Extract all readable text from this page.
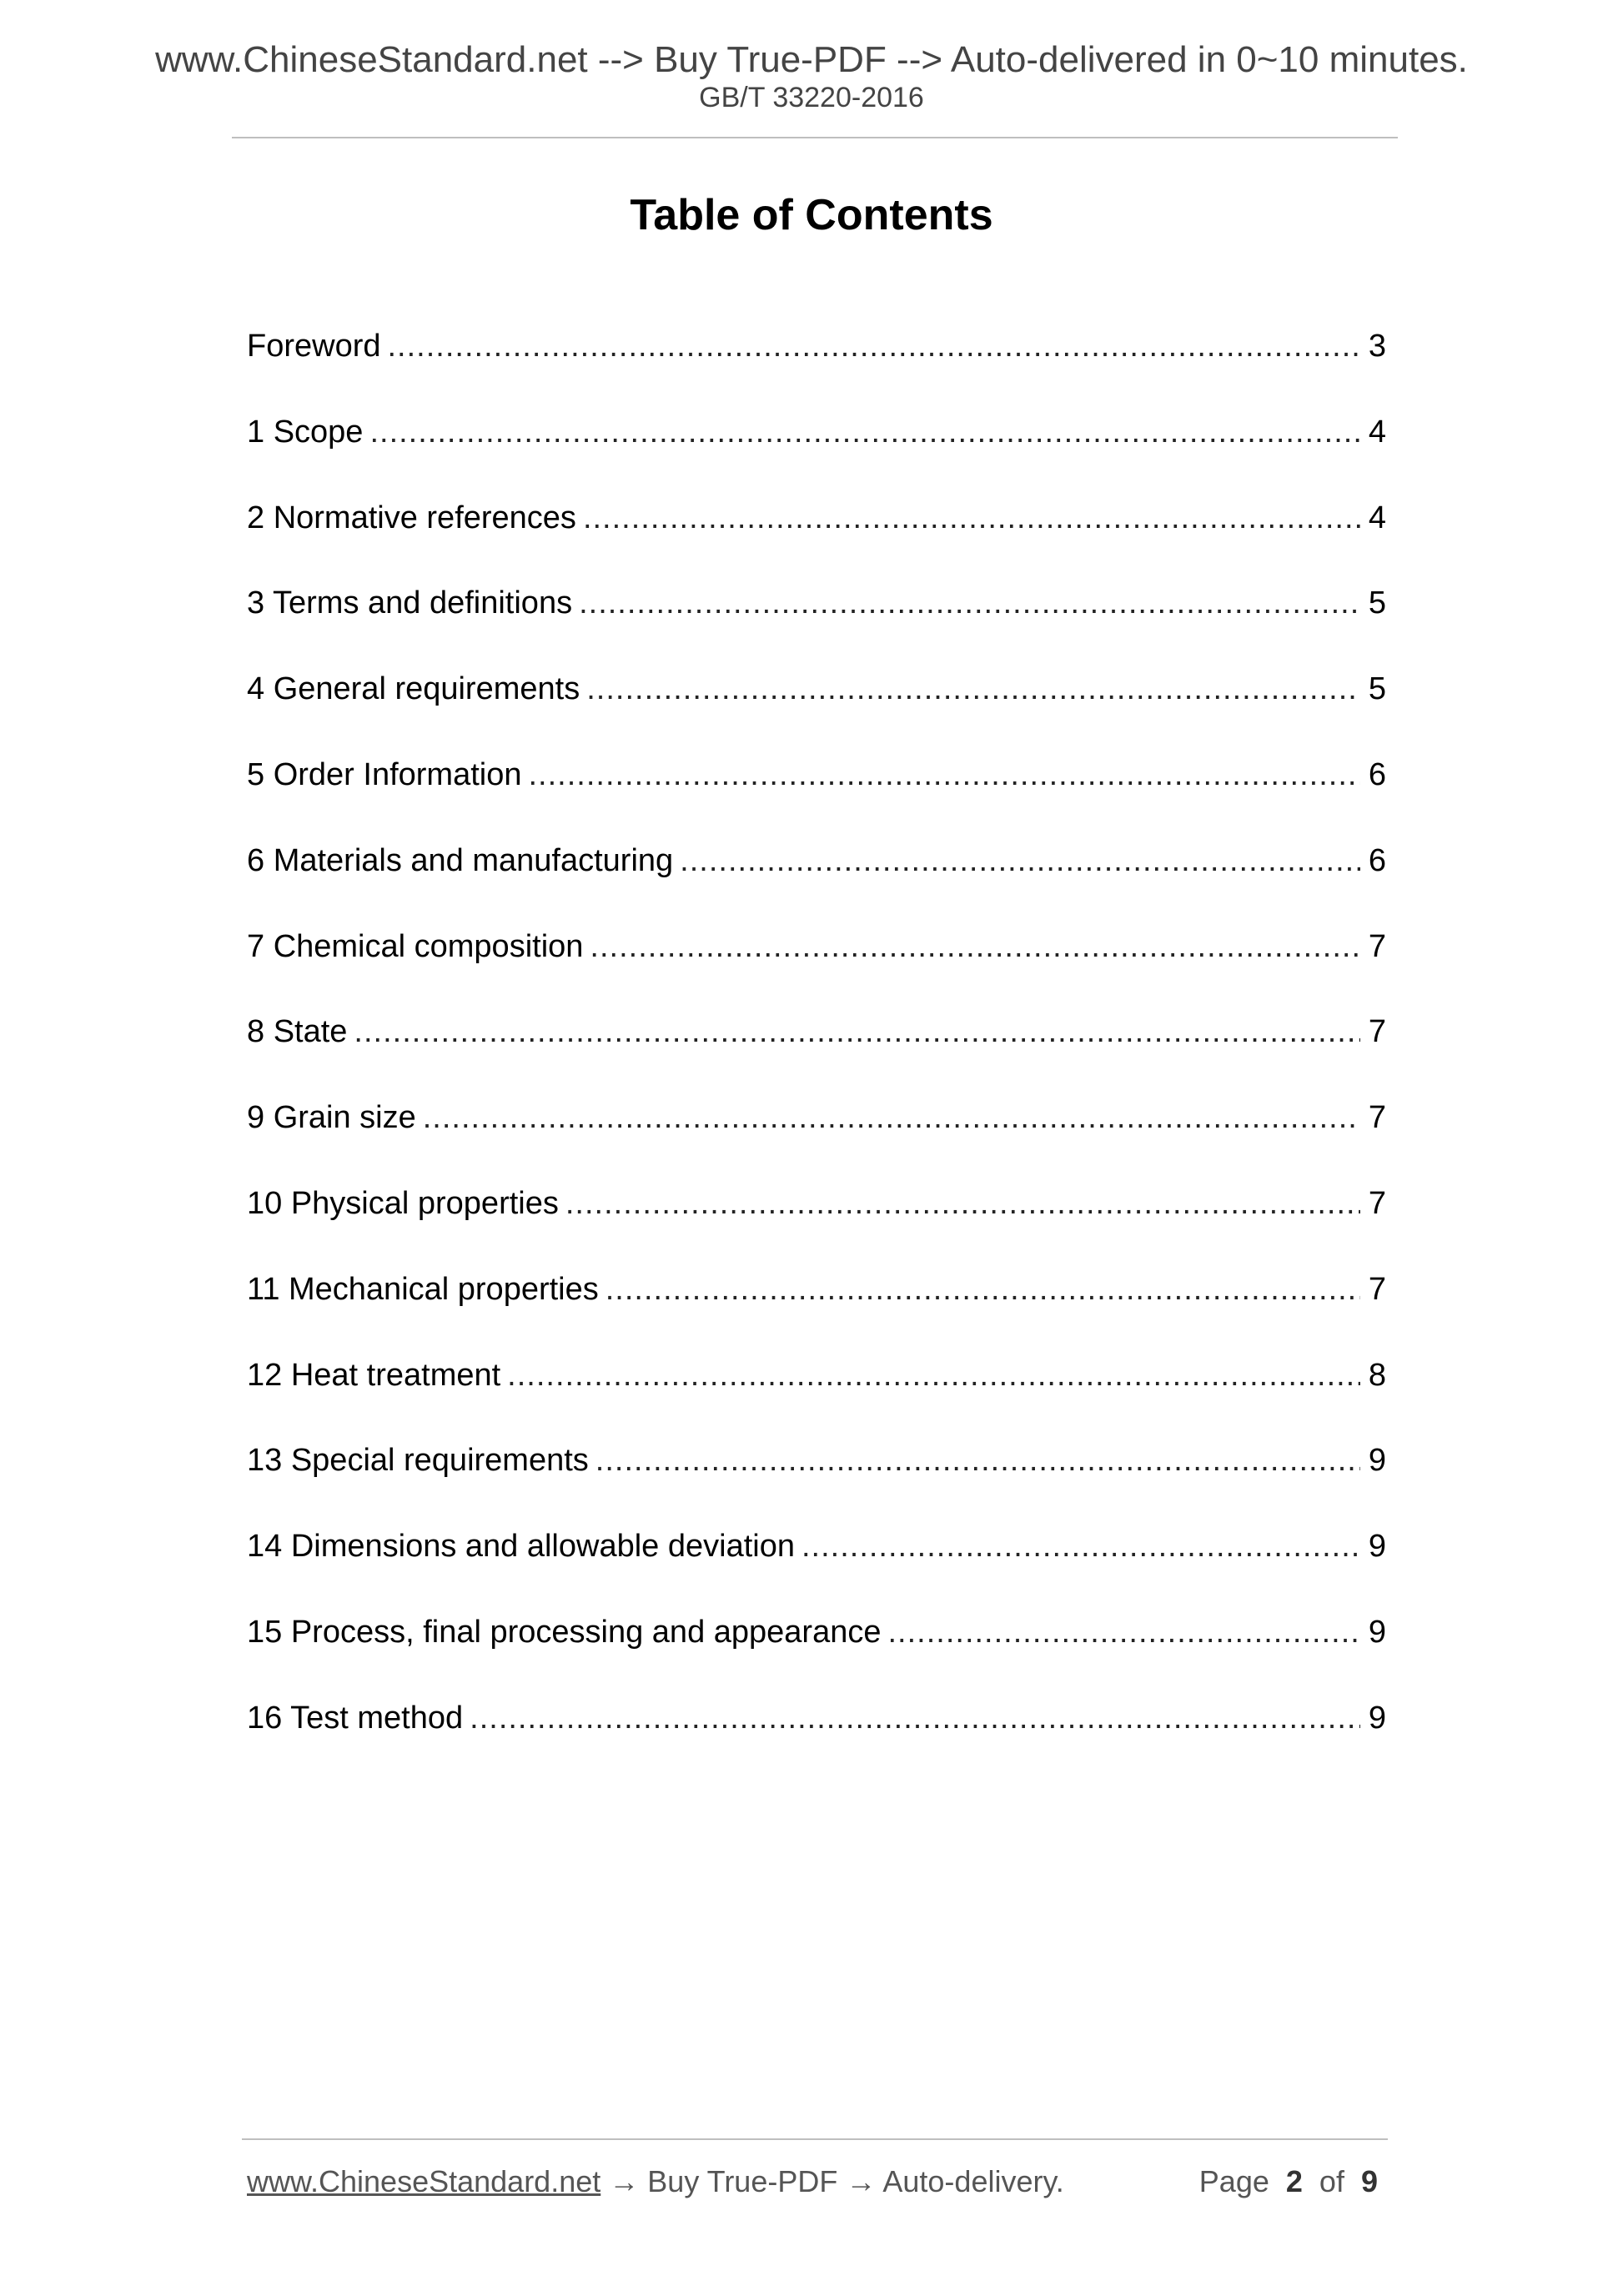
www.ChineseStandard.net --> Buy True-PDF --> Auto-delivered in 0~10 minutes.
GB/T 33220-2016
Table of Contents
Foreword .....	3
1 Scope .....	4
2 Normative references .....	4
3 Terms and definitions .....	5
4 General requirements .....	5
5 Order Information .....	6
6 Materials and manufacturing .....	6
7 Chemical composition .....	7
8 State .....	7
9 Grain size .....	7
10 Physical properties .....	7
11 Mechanical properties .....	7
12 Heat treatment .....	8
13 Special requirements .....	9
14 Dimensions and allowable deviation .....	9
15 Process, final processing and appearance .....	9
16 Test method .....	9
www.ChineseStandard.net → Buy True-PDF → Auto-delivery.	Page 2 of 9
